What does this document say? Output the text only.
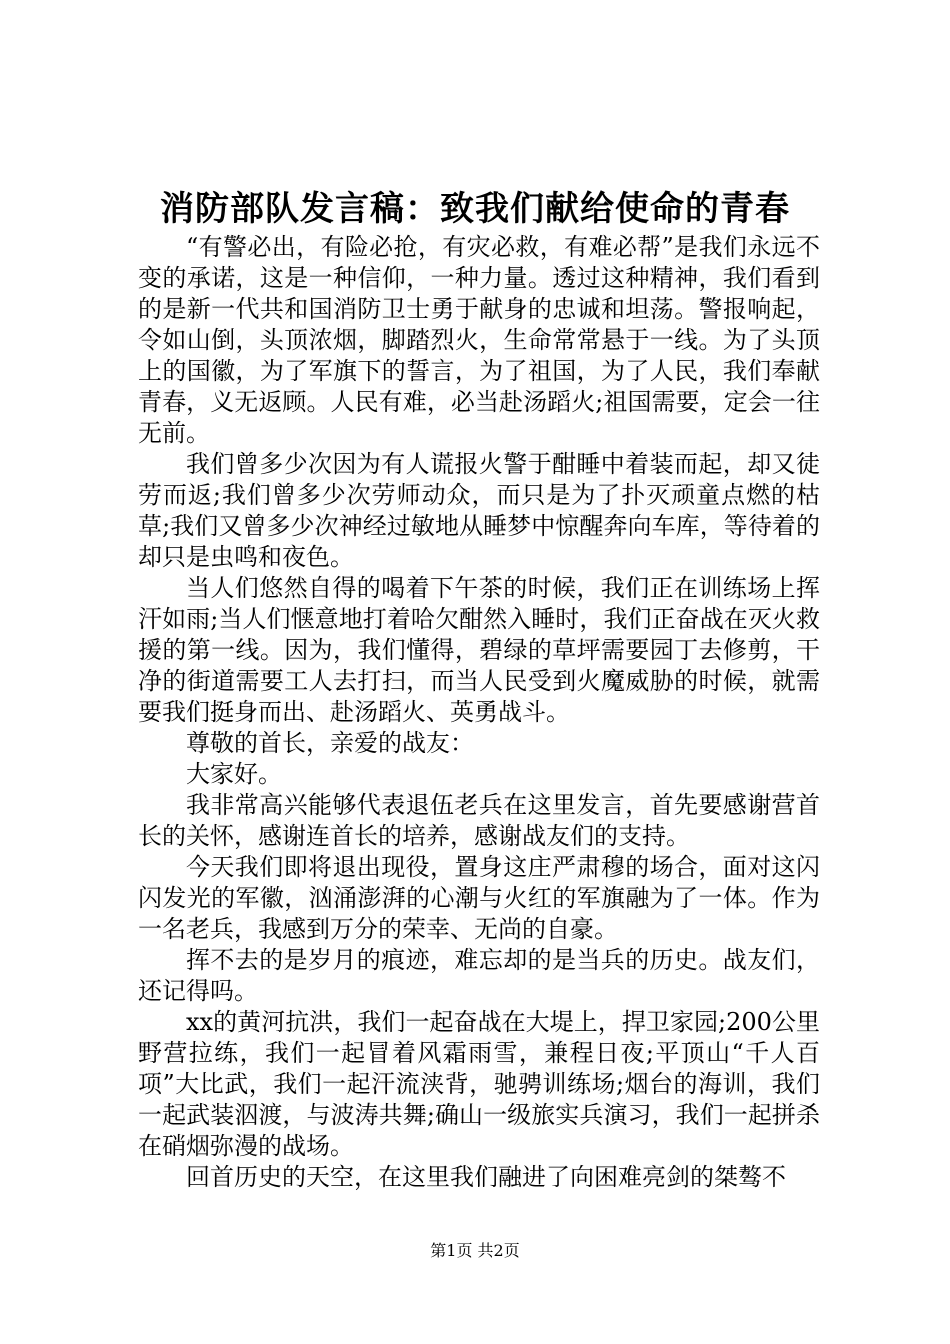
消防部队发言稿：致我们献给使命的青春

“有警必出，有险必抢，有灾必救，有难必帮”是我们永远不变的承诺，这是一种信仰，一种力量。透过这种精神，我们看到的是新一代共和国消防卫士勇于献身的忠诚和坦荡。警报响起，令如山倒，头顶浓烟，脚踏烈火，生命常常悬于一线。为了头顶上的国徽，为了军旗下的誓言，为了祖国，为了人民，我们奉献青春，义无返顾。人民有难，必当赴汤蹈火;祖国需要，定会一往无前。

我们曾多少次因为有人谎报火警于酣睡中着装而起，却又徒劳而返;我们曾多少次劳师动众，而只是为了扑灭顽童点燃的枯草;我们又曾多少次神经过敏地从睡梦中惊醒奔向车库，等待着的却只是虫鸣和夜色。

当人们悠然自得的喝着下午茶的时候，我们正在训练场上挥汗如雨;当人们惬意地打着哈欠酣然入睡时，我们正奋战在灭火救援的第一线。因为，我们懂得，碧绿的草坪需要园丁去修剪，干净的街道需要工人去打扫，而当人民受到火魔威胁的时候，就需要我们挺身而出、赴汤蹈火、英勇战斗。

尊敬的首长，亲爱的战友：

大家好。

我非常高兴能够代表退伍老兵在这里发言，首先要感谢营首长的关怀，感谢连首长的培养，感谢战友们的支持。

今天我们即将退出现役，置身这庄严肃穆的场合，面对这闪闪发光的军徽，汹涌澎湃的心潮与火红的军旗融为了一体。作为一名老兵，我感到万分的荣幸、无尚的自豪。

挥不去的是岁月的痕迹，难忘却的是当兵的历史。战友们，还记得吗。

xx的黄河抗洪，我们一起奋战在大堤上，捍卫家园;200公里野营拉练，我们一起冒着风霜雨雪，兼程日夜;平顶山“千人百项”大比武，我们一起汗流浃背，驰骋训练场;烟台的海训，我们一起武装泅渡，与波涛共舞;确山一级旅实兵演习，我们一起拼杀在硝烟弥漫的战场。

回首历史的天空，在这里我们融进了向困难亮剑的桀骜不

第1页 共2页
